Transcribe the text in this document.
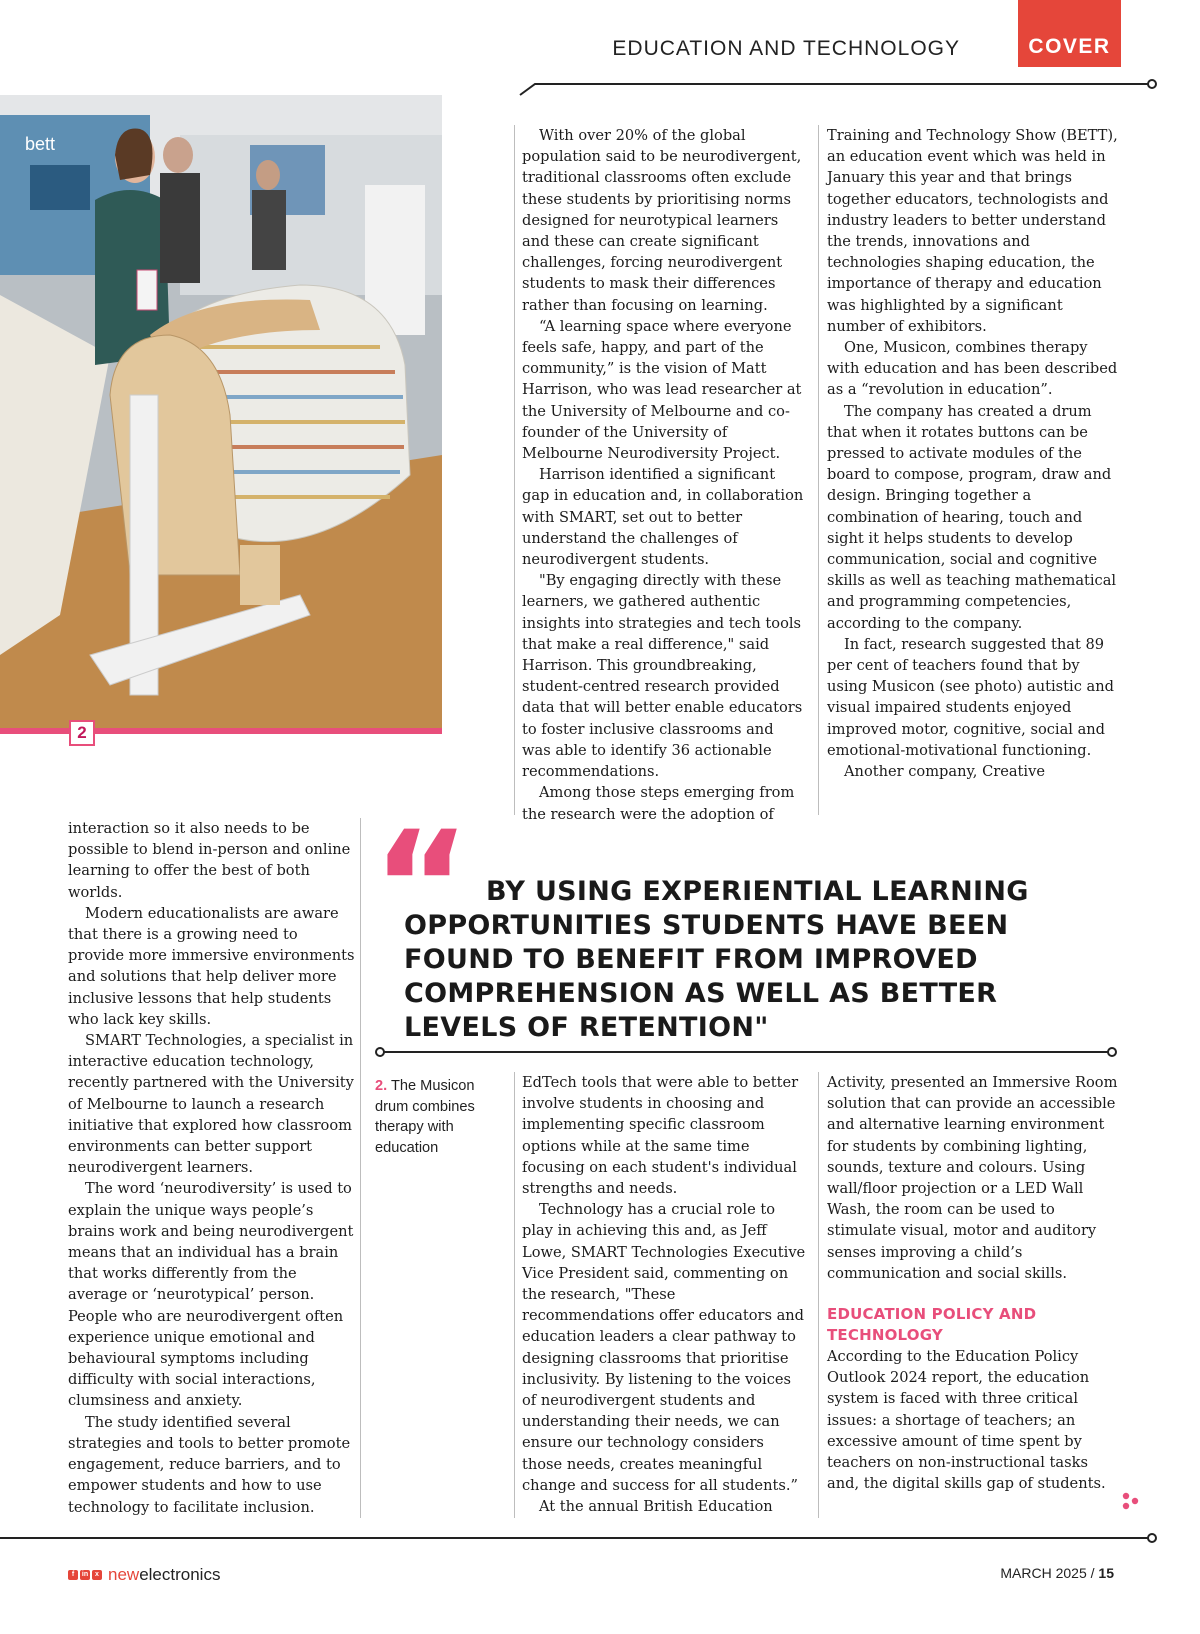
EDUCATION AND TECHNOLOGY	COVER
bett
2

With over 20% of the global population said to be neurodivergent, traditional classrooms often exclude these students by prioritising norms designed for neurotypical learners and these can create significant challenges, forcing neurodivergent students to mask their differences rather than focusing on learning.

“A learning space where everyone feels safe, happy, and part of the community,” is the vision of Matt Harrison, who was lead researcher at the University of Melbourne and co-founder of the University of Melbourne Neurodiversity Project.

Harrison identified a significant gap in education and, in collaboration with SMART, set out to better understand the challenges of neurodivergent students.

"By engaging directly with these learners, we gathered authentic insights into strategies and tech tools that make a real difference," said Harrison. This groundbreaking, student-centred research provided data that will better enable educators to foster inclusive classrooms and was able to identify 36 actionable recommendations.

Among those steps emerging from the research were the adoption of

Training and Technology Show (BETT), an education event which was held in January this year and that brings together educators, technologists and industry leaders to better understand the trends, innovations and technologies shaping education, the importance of therapy and education was highlighted by a significant number of exhibitors.

One, Musicon, combines therapy with education and has been described as a “revolution in education”.

The company has created a drum that when it rotates buttons can be pressed to activate modules of the board to compose, program, draw and design. Bringing together a combination of hearing, touch and sight it helps students to develop communication, social and cognitive skills as well as teaching mathematical and programming competencies, according to the company.

In fact, research suggested that 89 per cent of teachers found that by using Musicon (see photo) autistic and visual impaired students enjoyed improved motor, cognitive, social and emotional-motivational functioning.

Another company, Creative

interaction so it also needs to be possible to blend in-person and online learning to offer the best of both worlds.

Modern educationalists are aware that there is a growing need to provide more immersive environments and solutions that help deliver more inclusive lessons that help students who lack key skills.

SMART Technologies, a specialist in interactive education technology, recently partnered with the University of Melbourne to launch a research initiative that explored how classroom environments can better support neurodivergent learners.

The word ‘neurodiversity’ is used to explain the unique ways people’s brains work and being neurodivergent means that an individual has a brain that works differently from the average or ‘neurotypical’ person. People who are neurodivergent often experience unique emotional and behavioural symptoms including difficulty with social interactions, clumsiness and anxiety.

The study identified several strategies and tools to better promote engagement, reduce barriers, and to empower students and how to use technology to facilitate inclusion.

“ BY USING EXPERIENTIAL LEARNING OPPORTUNITIES STUDENTS HAVE BEEN FOUND TO BENEFIT FROM IMPROVED COMPREHENSION AS WELL AS BETTER LEVELS OF RETENTION"
2. The Musicon drum combines therapy with education

EdTech tools that were able to better involve students in choosing and implementing specific classroom options while at the same time focusing on each student's individual strengths and needs.

Technology has a crucial role to play in achieving this and, as Jeff Lowe, SMART Technologies Executive Vice President said, commenting on the research, "These recommendations offer educators and education leaders a clear pathway to designing classrooms that prioritise inclusivity. By listening to the voices of neurodivergent students and understanding their needs, we can ensure our technology considers those needs, creates meaningful change and success for all students.”

At the annual British Education

Activity, presented an Immersive Room solution that can provide an accessible and alternative learning environment for students by combining lighting, sounds, texture and colours. Using wall/floor projection or a LED Wall Wash, the room can be used to stimulate visual, motor and auditory senses improving a child’s communication and social skills.

EDUCATION POLICY AND TECHNOLOGY

According to the Education Policy Outlook 2024 report, the education system is faced with three critical issues: a shortage of teachers; an excessive amount of time spent by teachers on non-instructional tasks and, the digital skills gap of students.

f	in x new electronics	MARCH 2025 / 15
